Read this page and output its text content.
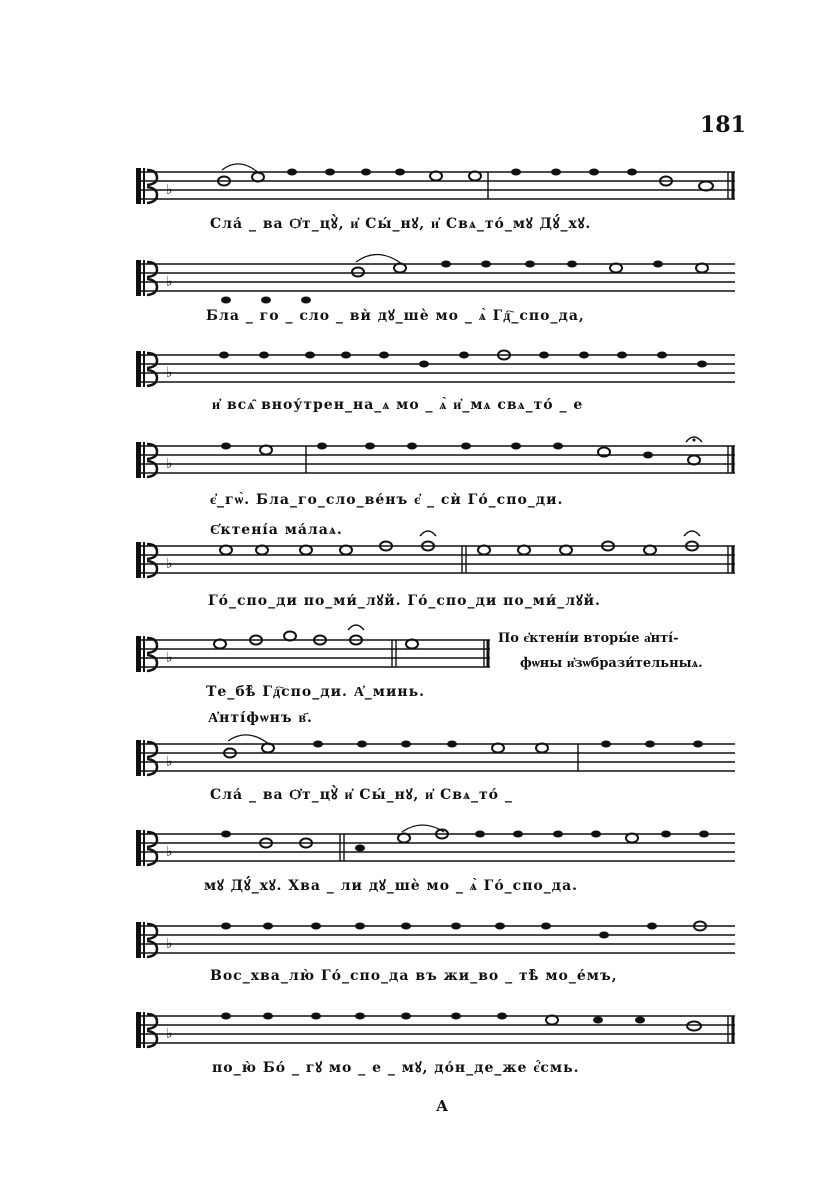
181
♭
Сла́ _ ва Ѻ҆т_цꙋ̀, и҆ Сы́_нꙋ, и҆ Свѧ_то́_мꙋ Дꙋ́_хꙋ.
Бла _ го _ сло _ вѝ дꙋ_шѐ мо _ ѧ̀ Гд҇_спо_да,
и҆ всѧ̑ вноу́трен_на_ѧ мо _ ѧ̀ и҆_мѧ свѧ_то́ _ е
є҆_гѡ̀. Бла_го_сло_ве́нъ є҆ _ сѝ Го́_спо_ди.
Є҆ктені́а ма́лаѧ.
Го́_спо_ди по_ми́_лꙋй. Го́_спо_ди по_ми́_лꙋй.
По є҆ктені́и вторы́е а҆нті́-
фѡны и҆зѡбрази́тельныѧ.
Те_бѣ̀ Гд҇спо_ди. А҆_минь.
А҆нті́фѡнъ в҃.
Сла́ _ ва Ѻ҆т_цꙋ̀ и҆ Сы́_нꙋ, и҆ Свѧ_то́ _
мꙋ Дꙋ́_хꙋ. Хва _ ли дꙋ_шѐ мо _ ѧ̀ Го́_спо_да.
Вос_хва_лю̀ Го́_спо_да въ жи_во _ тѣ̀ мо_е́мъ,
по_ю̀ Бо́ _ гꙋ мо _ е _ мꙋ, до́н_де_же є҆́смь.
А
